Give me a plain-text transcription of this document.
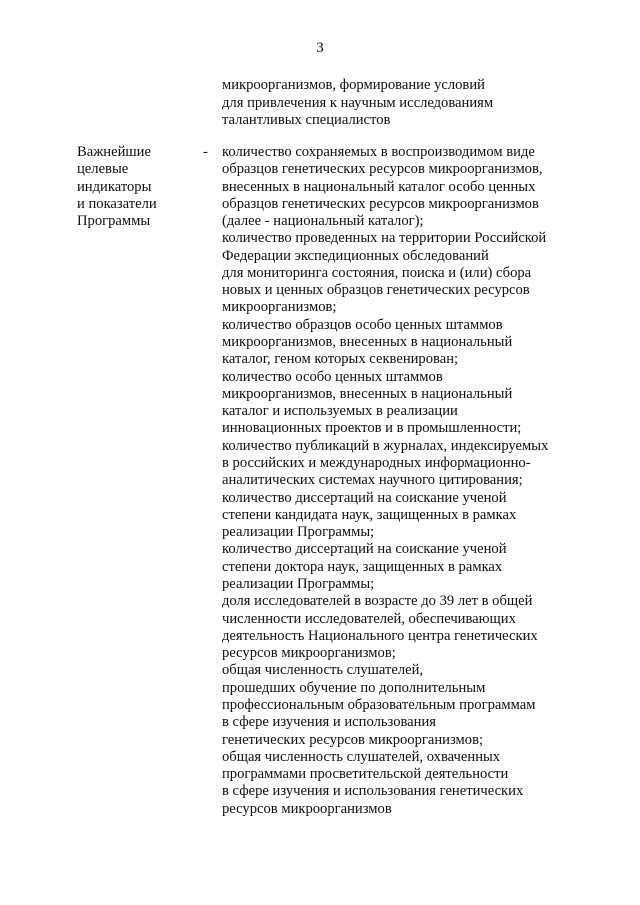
3
микроорганизмов, формирование условий
для привлечения к научным исследованиям
талантливых специалистов
Важнейшие
целевые
индикаторы
и показатели
Программы
- количество сохраняемых в воспроизводимом виде
образцов генетических ресурсов микроорганизмов,
внесенных в национальный каталог особо ценных
образцов генетических ресурсов микроорганизмов
(далее - национальный каталог);
количество проведенных на территории Российской
Федерации экспедиционных обследований
для мониторинга состояния, поиска и (или) сбора
новых и ценных образцов генетических ресурсов
микроорганизмов;
количество образцов особо ценных штаммов
микроорганизмов, внесенных в национальный
каталог, геном которых секвенирован;
количество особо ценных штаммов
микроорганизмов, внесенных в национальный
каталог и используемых в реализации
инновационных проектов и в промышленности;
количество публикаций в журналах, индексируемых
в российских и международных информационно-
аналитических системах научного цитирования;
количество диссертаций на соискание ученой
степени кандидата наук, защищенных в рамках
реализации Программы;
количество диссертаций на соискание ученой
степени доктора наук, защищенных в рамках
реализации Программы;
доля исследователей в возрасте до 39 лет в общей
численности исследователей, обеспечивающих
деятельность Национального центра генетических
ресурсов микроорганизмов;
общая численность слушателей,
прошедших обучение по дополнительным
профессиональным образовательным программам
в сфере изучения и использования
генетических ресурсов микроорганизмов;
общая численность слушателей, охваченных
программами просветительской деятельности
в сфере изучения и использования генетических
ресурсов микроорганизмов
